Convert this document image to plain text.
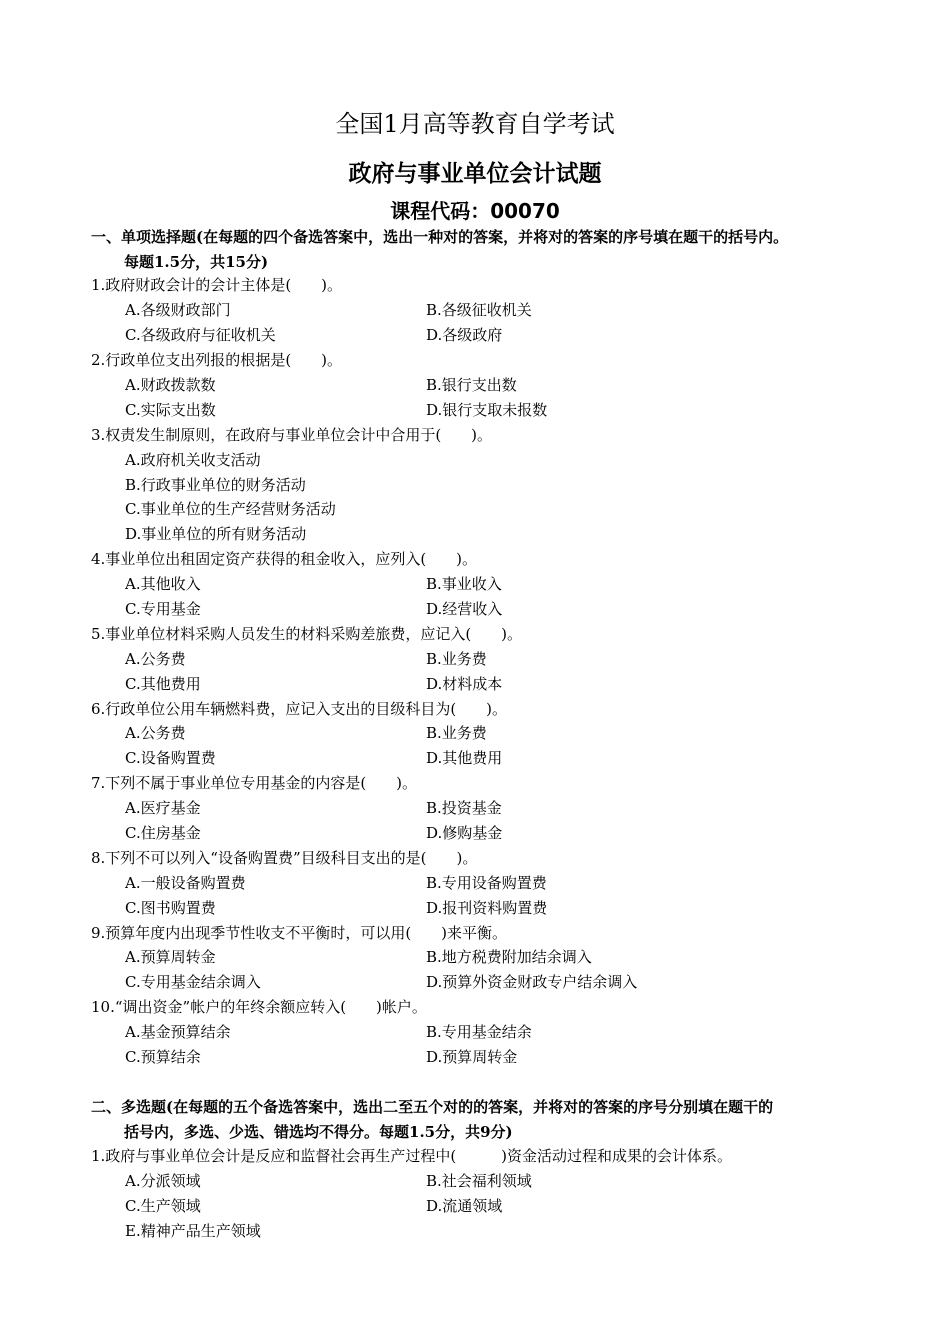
全国1月高等教育自学考试
政府与事业单位会计试题
课程代码：00070
一、单项选择题(在每题的四个备选答案中，选出一种对的答案，并将对的答案的序号填在题干的括号内。
每题1.5分，共15分)
1.政府财政会计的会计主体是(　　)。
A.各级财政部门	B.各级征收机关
C.各级政府与征收机关	D.各级政府
2.行政单位支出列报的根据是(　　)。
A.财政拨款数	B.银行支出数
C.实际支出数	D.银行支取未报数
3.权责发生制原则，在政府与事业单位会计中合用于(　　)。
A.政府机关收支活动
B.行政事业单位的财务活动
C.事业单位的生产经营财务活动
D.事业单位的所有财务活动
4.事业单位出租固定资产获得的租金收入，应列入(　　)。
A.其他收入	B.事业收入
C.专用基金	D.经营收入
5.事业单位材料采购人员发生的材料采购差旅费，应记入(　　)。
A.公务费	B.业务费
C.其他费用	D.材料成本
6.行政单位公用车辆燃料费，应记入支出的目级科目为(　　)。
A.公务费	B.业务费
C.设备购置费	D.其他费用
7.下列不属于事业单位专用基金的内容是(　　)。
A.医疗基金	B.投资基金
C.住房基金	D.修购基金
8.下列不可以列入“设备购置费”目级科目支出的是(　　)。
A.一般设备购置费	B.专用设备购置费
C.图书购置费	D.报刊资料购置费
9.预算年度内出现季节性收支不平衡时，可以用(　　)来平衡。
A.预算周转金	B.地方税费附加结余调入
C.专用基金结余调入	D.预算外资金财政专户结余调入
10.“调出资金”帐户的年终余额应转入(　　)帐户。
A.基金预算结余	B.专用基金结余
C.预算结余	D.预算周转金
二、多选题(在每题的五个备选答案中，选出二至五个对的的答案，并将对的答案的序号分别填在题干的
括号内，多选、少选、错选均不得分。每题1.5分，共9分)
1.政府与事业单位会计是反应和监督社会再生产过程中(　　　)资金活动过程和成果的会计体系。
A.分派领域	B.社会福利领域
C.生产领域	D.流通领域
E.精神产品生产领域
